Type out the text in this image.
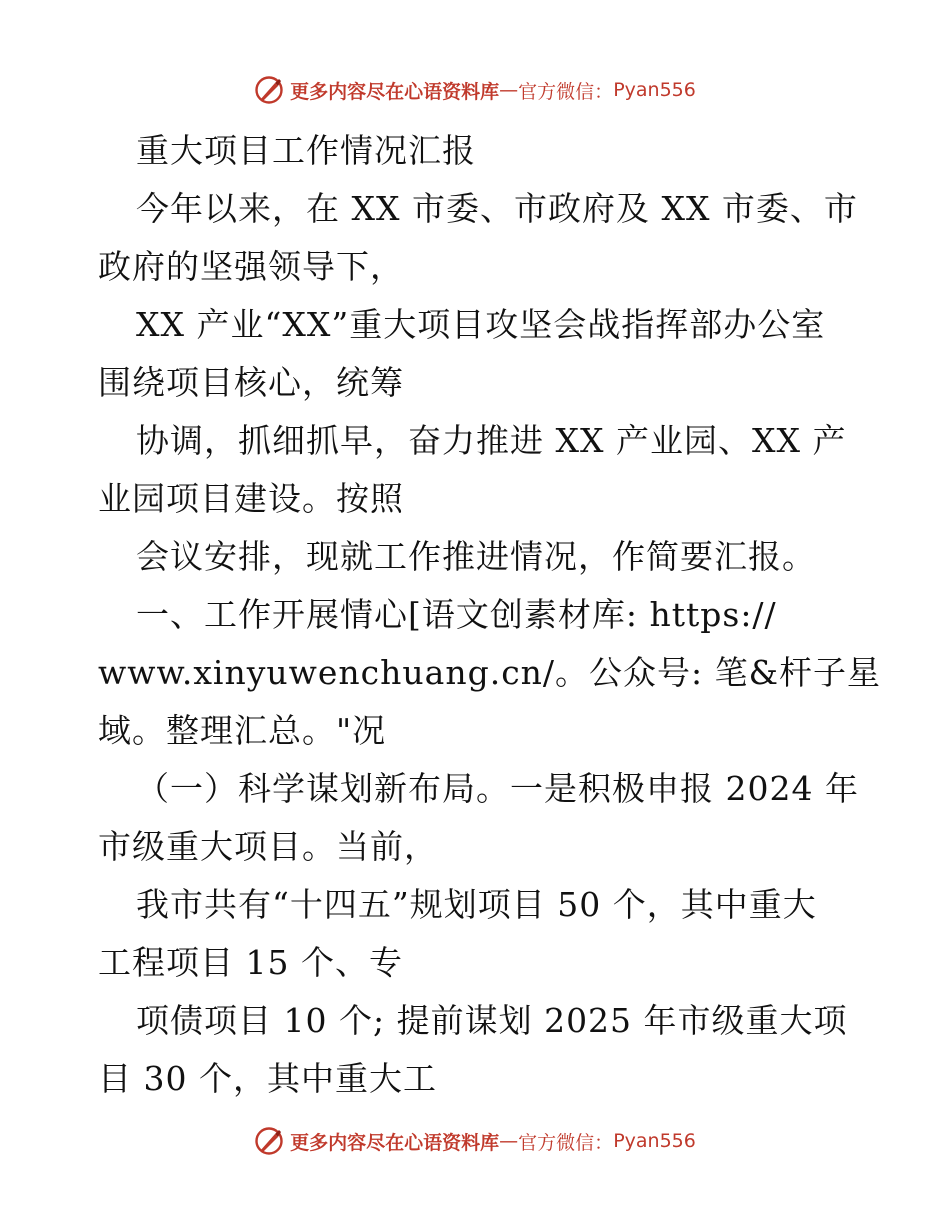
更多内容尽在心语资料库 — 官方微信： Pyan556
重大项目工作情况汇报
今年以来，在 XX 市委、市政府及 XX 市委、市
政府的坚强领导下，
XX 产业“XX”重大项目攻坚会战指挥部办公室
围绕项目核心，统筹
协调，抓细抓早，奋力推进 XX 产业园、XX 产
业园项目建设。按照
会议安排，现就工作推进情况，作简要汇报。
一、工作开展情心[语文创素材库: https://
www.xinyuwenchuang.cn/。公众号: 笔&杆子星
域。整理汇总。"况
（一）科学谋划新布局。一是积极申报 2024 年
市级重大项目。当前，
我市共有“十四五”规划项目 50 个，其中重大
工程项目 15 个、专
项债项目 10 个; 提前谋划 2025 年市级重大项
目 30 个，其中重大工
更多内容尽在心语资料库 — 官方微信： Pyan556
